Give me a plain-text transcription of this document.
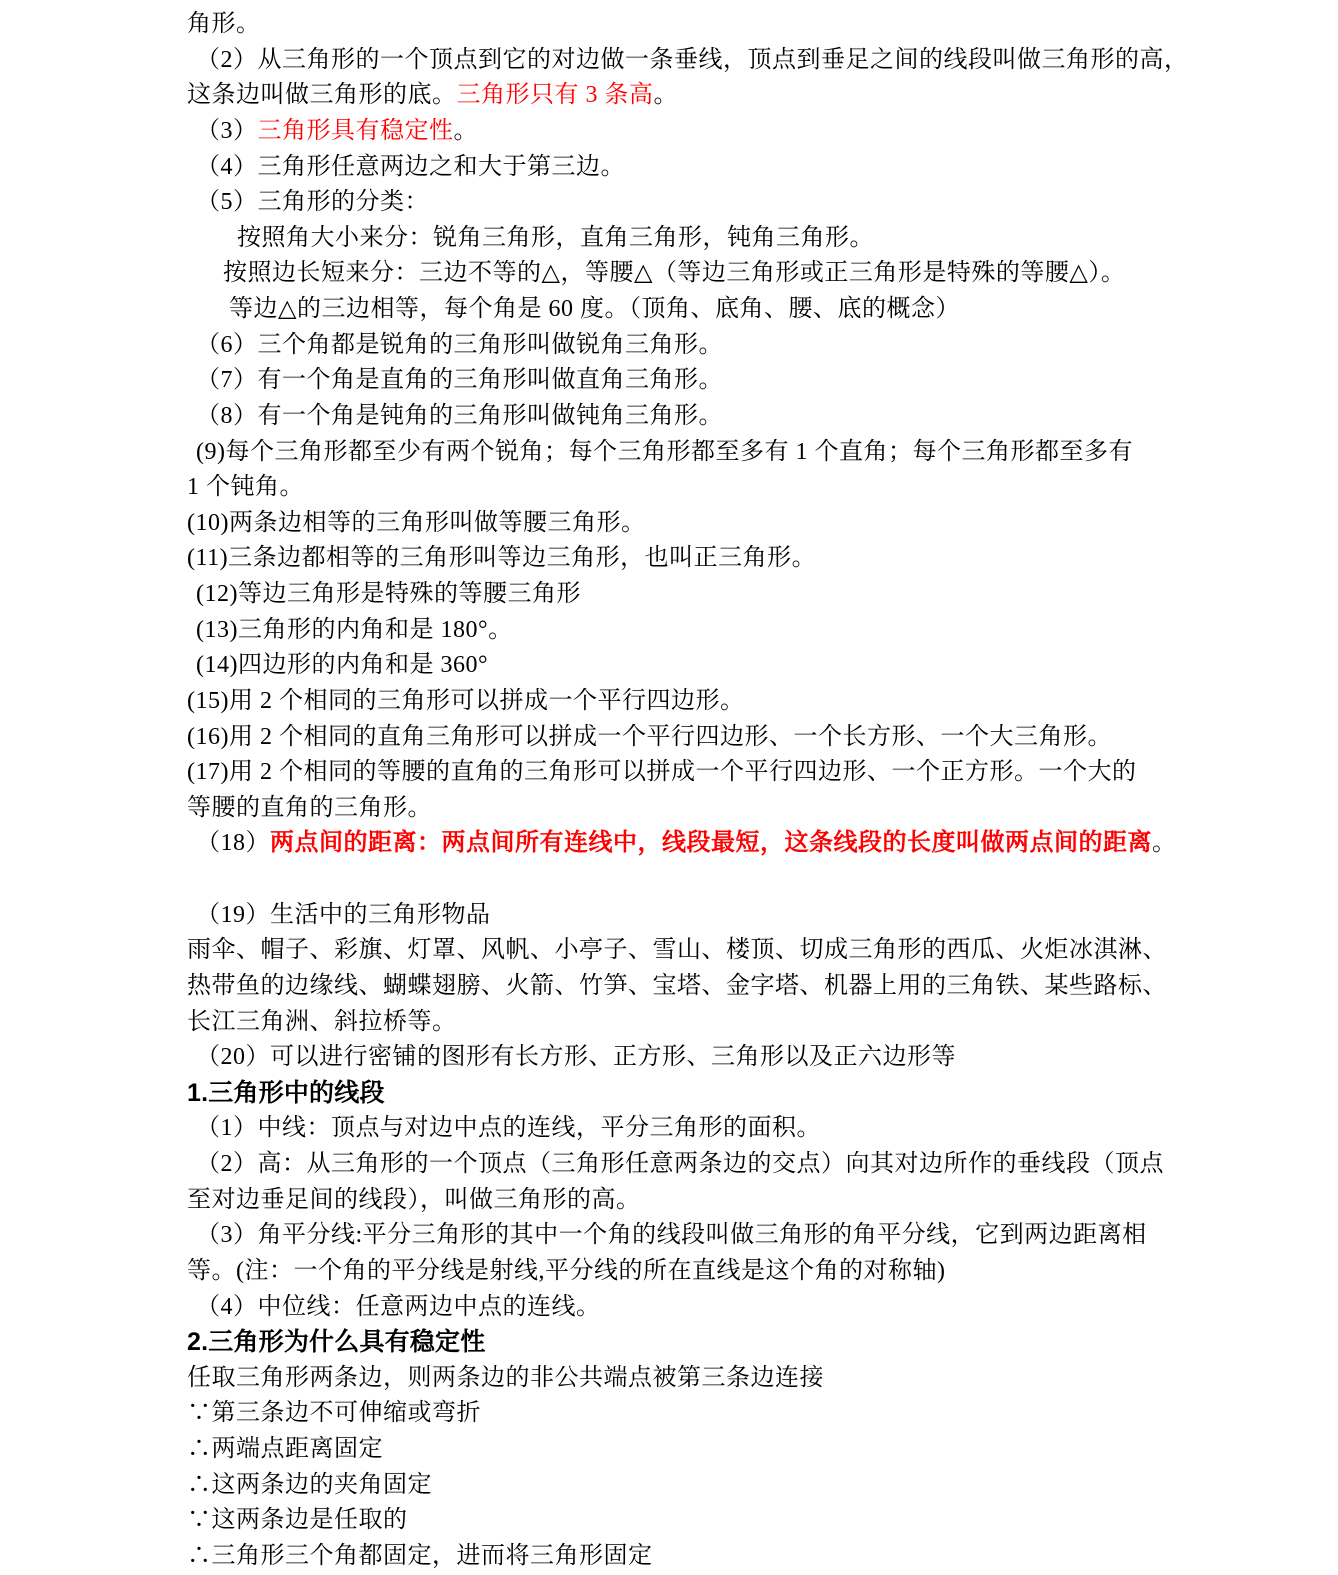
角形。
（2）从三角形的一个顶点到它的对边做一条垂线，顶点到垂足之间的线段叫做三角形的高，
这条边叫做三角形的底。三角形只有 3 条高。
（3）三角形具有稳定性。
（4）三角形任意两边之和大于第三边。
（5）三角形的分类：
按照角大小来分：锐角三角形，直角三角形，钝角三角形。
按照边长短来分：三边不等的△，等腰△（等边三角形或正三角形是特殊的等腰△）。
等边△的三边相等，每个角是 60 度。（顶角、底角、腰、底的概念）
（6）三个角都是锐角的三角形叫做锐角三角形。
（7）有一个角是直角的三角形叫做直角三角形。
（8）有一个角是钝角的三角形叫做钝角三角形。
(9)每个三角形都至少有两个锐角；每个三角形都至多有 1 个直角；每个三角形都至多有
1 个钝角。
(10)两条边相等的三角形叫做等腰三角形。
(11)三条边都相等的三角形叫等边三角形，也叫正三角形。
(12)等边三角形是特殊的等腰三角形
(13)三角形的内角和是 180°。
(14)四边形的内角和是 360°
(15)用 2 个相同的三角形可以拼成一个平行四边形。
(16)用 2 个相同的直角三角形可以拼成一个平行四边形、一个长方形、一个大三角形。
(17)用 2 个相同的等腰的直角的三角形可以拼成一个平行四边形、一个正方形。一个大的
等腰的直角的三角形。
（18）两点间的距离：两点间所有连线中，线段最短，这条线段的长度叫做两点间的距离。
（19）生活中的三角形物品
雨伞、帽子、彩旗、灯罩、风帆、小亭子、雪山、楼顶、切成三角形的西瓜、火炬冰淇淋、
热带鱼的边缘线、蝴蝶翅膀、火箭、竹笋、宝塔、金字塔、机器上用的三角铁、某些路标、
长江三角洲、斜拉桥等。
（20）可以进行密铺的图形有长方形、正方形、三角形以及正六边形等
1.三角形中的线段
（1）中线：顶点与对边中点的连线，平分三角形的面积。
（2）高：从三角形的一个顶点（三角形任意两条边的交点）向其对边所作的垂线段（顶点
至对边垂足间的线段），叫做三角形的高。
（3）角平分线:平分三角形的其中一个角的线段叫做三角形的角平分线，它到两边距离相
等。(注：一个角的平分线是射线,平分线的所在直线是这个角的对称轴)
（4）中位线：任意两边中点的连线。
2.三角形为什么具有稳定性
任取三角形两条边，则两条边的非公共端点被第三条边连接
∵第三条边不可伸缩或弯折
∴两端点距离固定
∴这两条边的夹角固定
∵这两条边是任取的
∴三角形三个角都固定，进而将三角形固定
